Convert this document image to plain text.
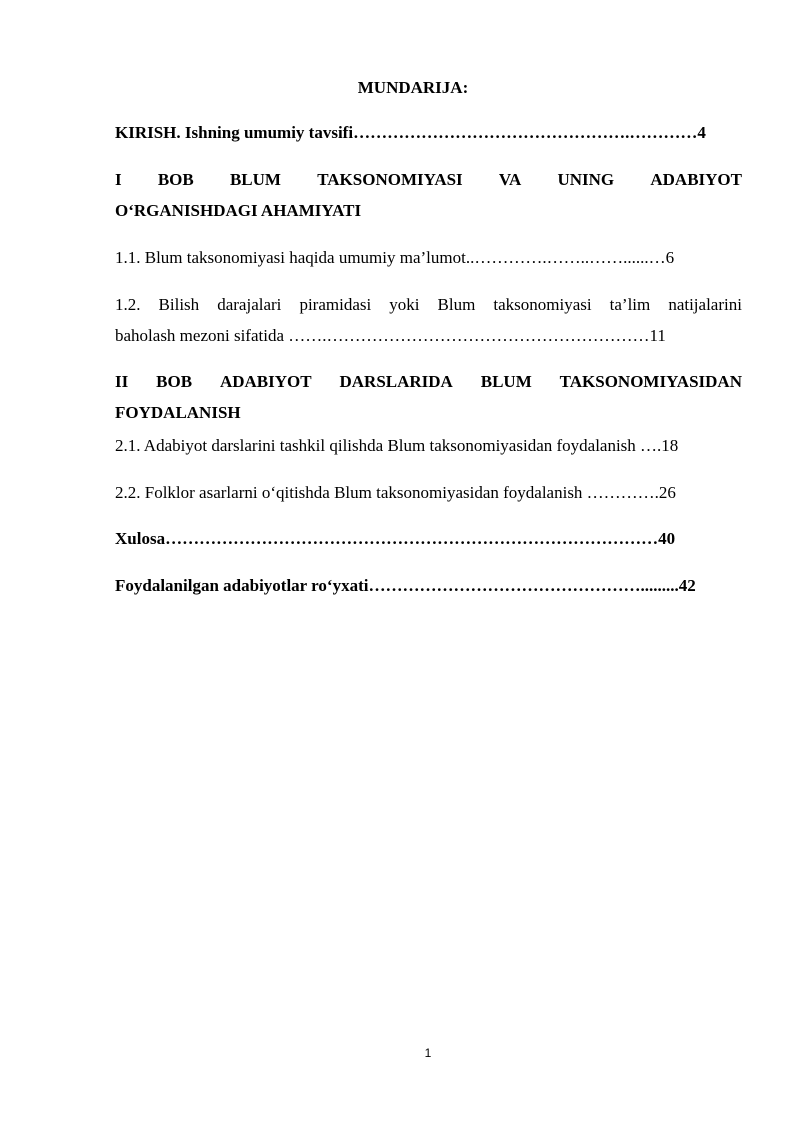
MUNDARIJA:
KIRISH. Ishning umumiy tavsifi………………………………………….…………4
I BOB BLUM TAKSONOMIYASI VA UNING ADABIYOT
O‘RGANISHDAGI AHAMIYATI
1.1. Blum taksonomiyasi haqida umumiy ma’lumot..………….……..……......…6
1.2. Bilish darajalari piramidasi yoki Blum taksonomiyasi ta’lim natijalarini
baholash mezoni sifatida …….…………………………………………………11
II BOB ADABIYOT DARSLARIDA BLUM TAKSONOMIYASIDAN
FOYDALANISH
2.1. Adabiyot darslarini tashkil qilishda Blum taksonomiyasidan foydalanish ….18
2.2. Folklor asarlarni o‘qitishda Blum taksonomiyasidan foydalanish ………….26
Xulosa……………………………………………………………………………40
Foydalanilgan adabiyotlar ro‘yxati………………………………………….........42
1
